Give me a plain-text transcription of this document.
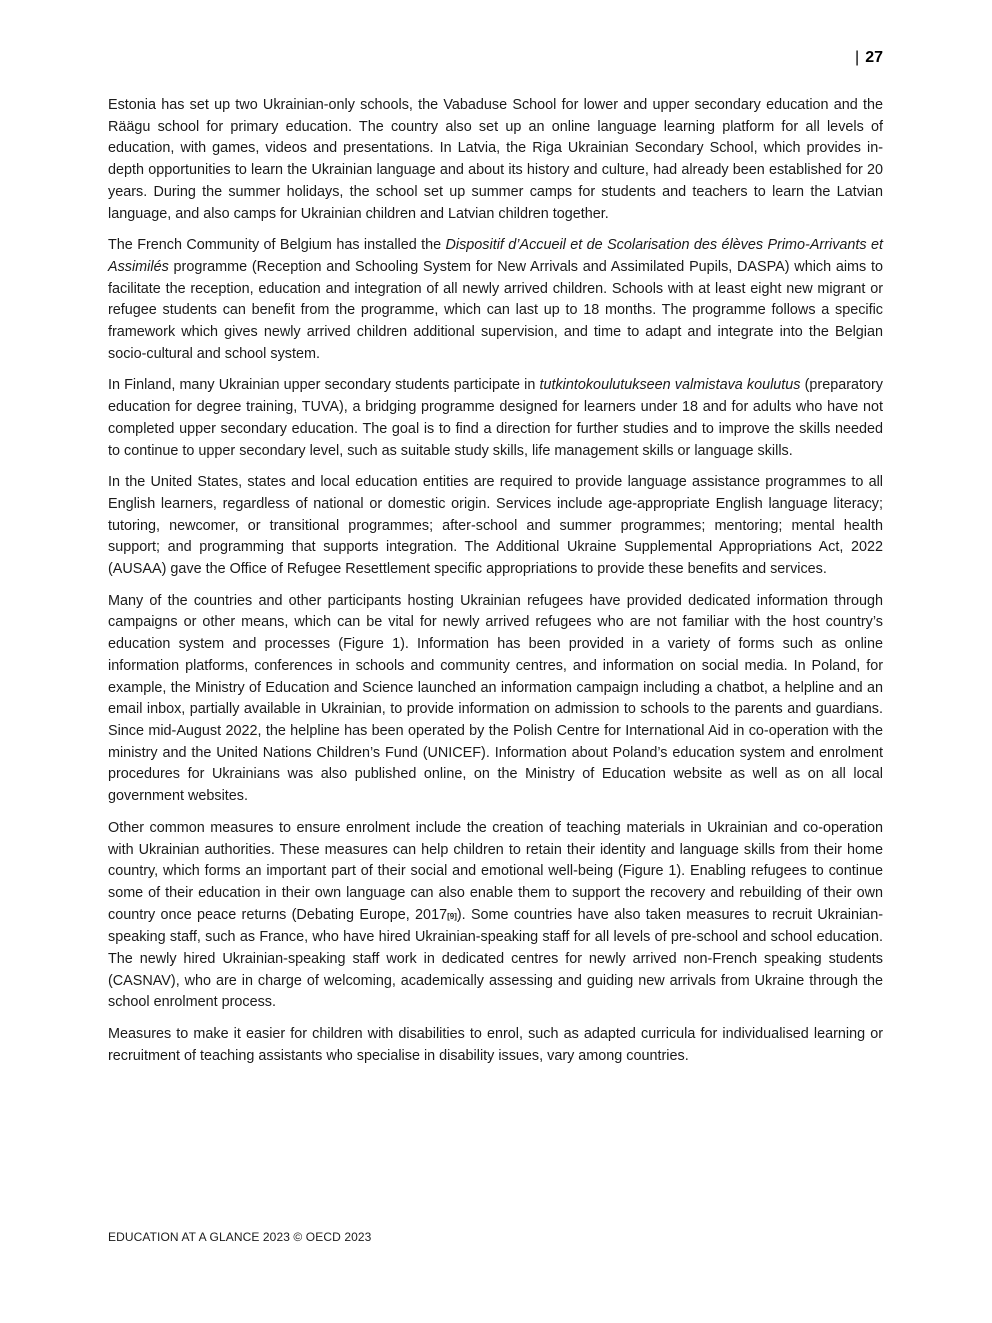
| 27

Estonia has set up two Ukrainian-only schools, the Vabaduse School for lower and upper secondary education and the Räägu school for primary education. The country also set up an online language learning platform for all levels of education, with games, videos and presentations. In Latvia, the Riga Ukrainian Secondary School, which provides in-depth opportunities to learn the Ukrainian language and about its history and culture, had already been established for 20 years. During the summer holidays, the school set up summer camps for students and teachers to learn the Latvian language, and also camps for Ukrainian children and Latvian children together.

The French Community of Belgium has installed the Dispositif d’Accueil et de Scolarisation des élèves Primo-Arrivants et Assimilés programme (Reception and Schooling System for New Arrivals and Assimilated Pupils, DASPA) which aims to facilitate the reception, education and integration of all newly arrived children. Schools with at least eight new migrant or refugee students can benefit from the programme, which can last up to 18 months. The programme follows a specific framework which gives newly arrived children additional supervision, and time to adapt and integrate into the Belgian socio-cultural and school system.

In Finland, many Ukrainian upper secondary students participate in tutkintokoulutukseen valmistava koulutus (preparatory education for degree training, TUVA), a bridging programme designed for learners under 18 and for adults who have not completed upper secondary education. The goal is to find a direction for further studies and to improve the skills needed to continue to upper secondary level, such as suitable study skills, life management skills or language skills.

In the United States, states and local education entities are required to provide language assistance programmes to all English learners, regardless of national or domestic origin. Services include age-appropriate English language literacy; tutoring, newcomer, or transitional programmes; after-school and summer programmes; mentoring; mental health support; and programming that supports integration. The Additional Ukraine Supplemental Appropriations Act, 2022 (AUSAA) gave the Office of Refugee Resettlement specific appropriations to provide these benefits and services.

Many of the countries and other participants hosting Ukrainian refugees have provided dedicated information through campaigns or other means, which can be vital for newly arrived refugees who are not familiar with the host country’s education system and processes (Figure 1). Information has been provided in a variety of forms such as online information platforms, conferences in schools and community centres, and information on social media. In Poland, for example, the Ministry of Education and Science launched an information campaign including a chatbot, a helpline and an email inbox, partially available in Ukrainian, to provide information on admission to schools to the parents and guardians. Since mid-August 2022, the helpline has been operated by the Polish Centre for International Aid in co-operation with the ministry and the United Nations Children’s Fund (UNICEF). Information about Poland’s education system and enrolment procedures for Ukrainians was also published online, on the Ministry of Education website as well as on all local government websites.

Other common measures to ensure enrolment include the creation of teaching materials in Ukrainian and co-operation with Ukrainian authorities. These measures can help children to retain their identity and language skills from their home country, which forms an important part of their social and emotional well-being (Figure 1). Enabling refugees to continue some of their education in their own language can also enable them to support the recovery and rebuilding of their own country once peace returns (Debating Europe, 2017[9]). Some countries have also taken measures to recruit Ukrainian-speaking staff, such as France, who have hired Ukrainian-speaking staff for all levels of pre-school and school education. The newly hired Ukrainian-speaking staff work in dedicated centres for newly arrived non-French speaking students (CASNAV), who are in charge of welcoming, academically assessing and guiding new arrivals from Ukraine through the school enrolment process.

Measures to make it easier for children with disabilities to enrol, such as adapted curricula for individualised learning or recruitment of teaching assistants who specialise in disability issues, vary among countries.

EDUCATION AT A GLANCE 2023 © OECD 2023
